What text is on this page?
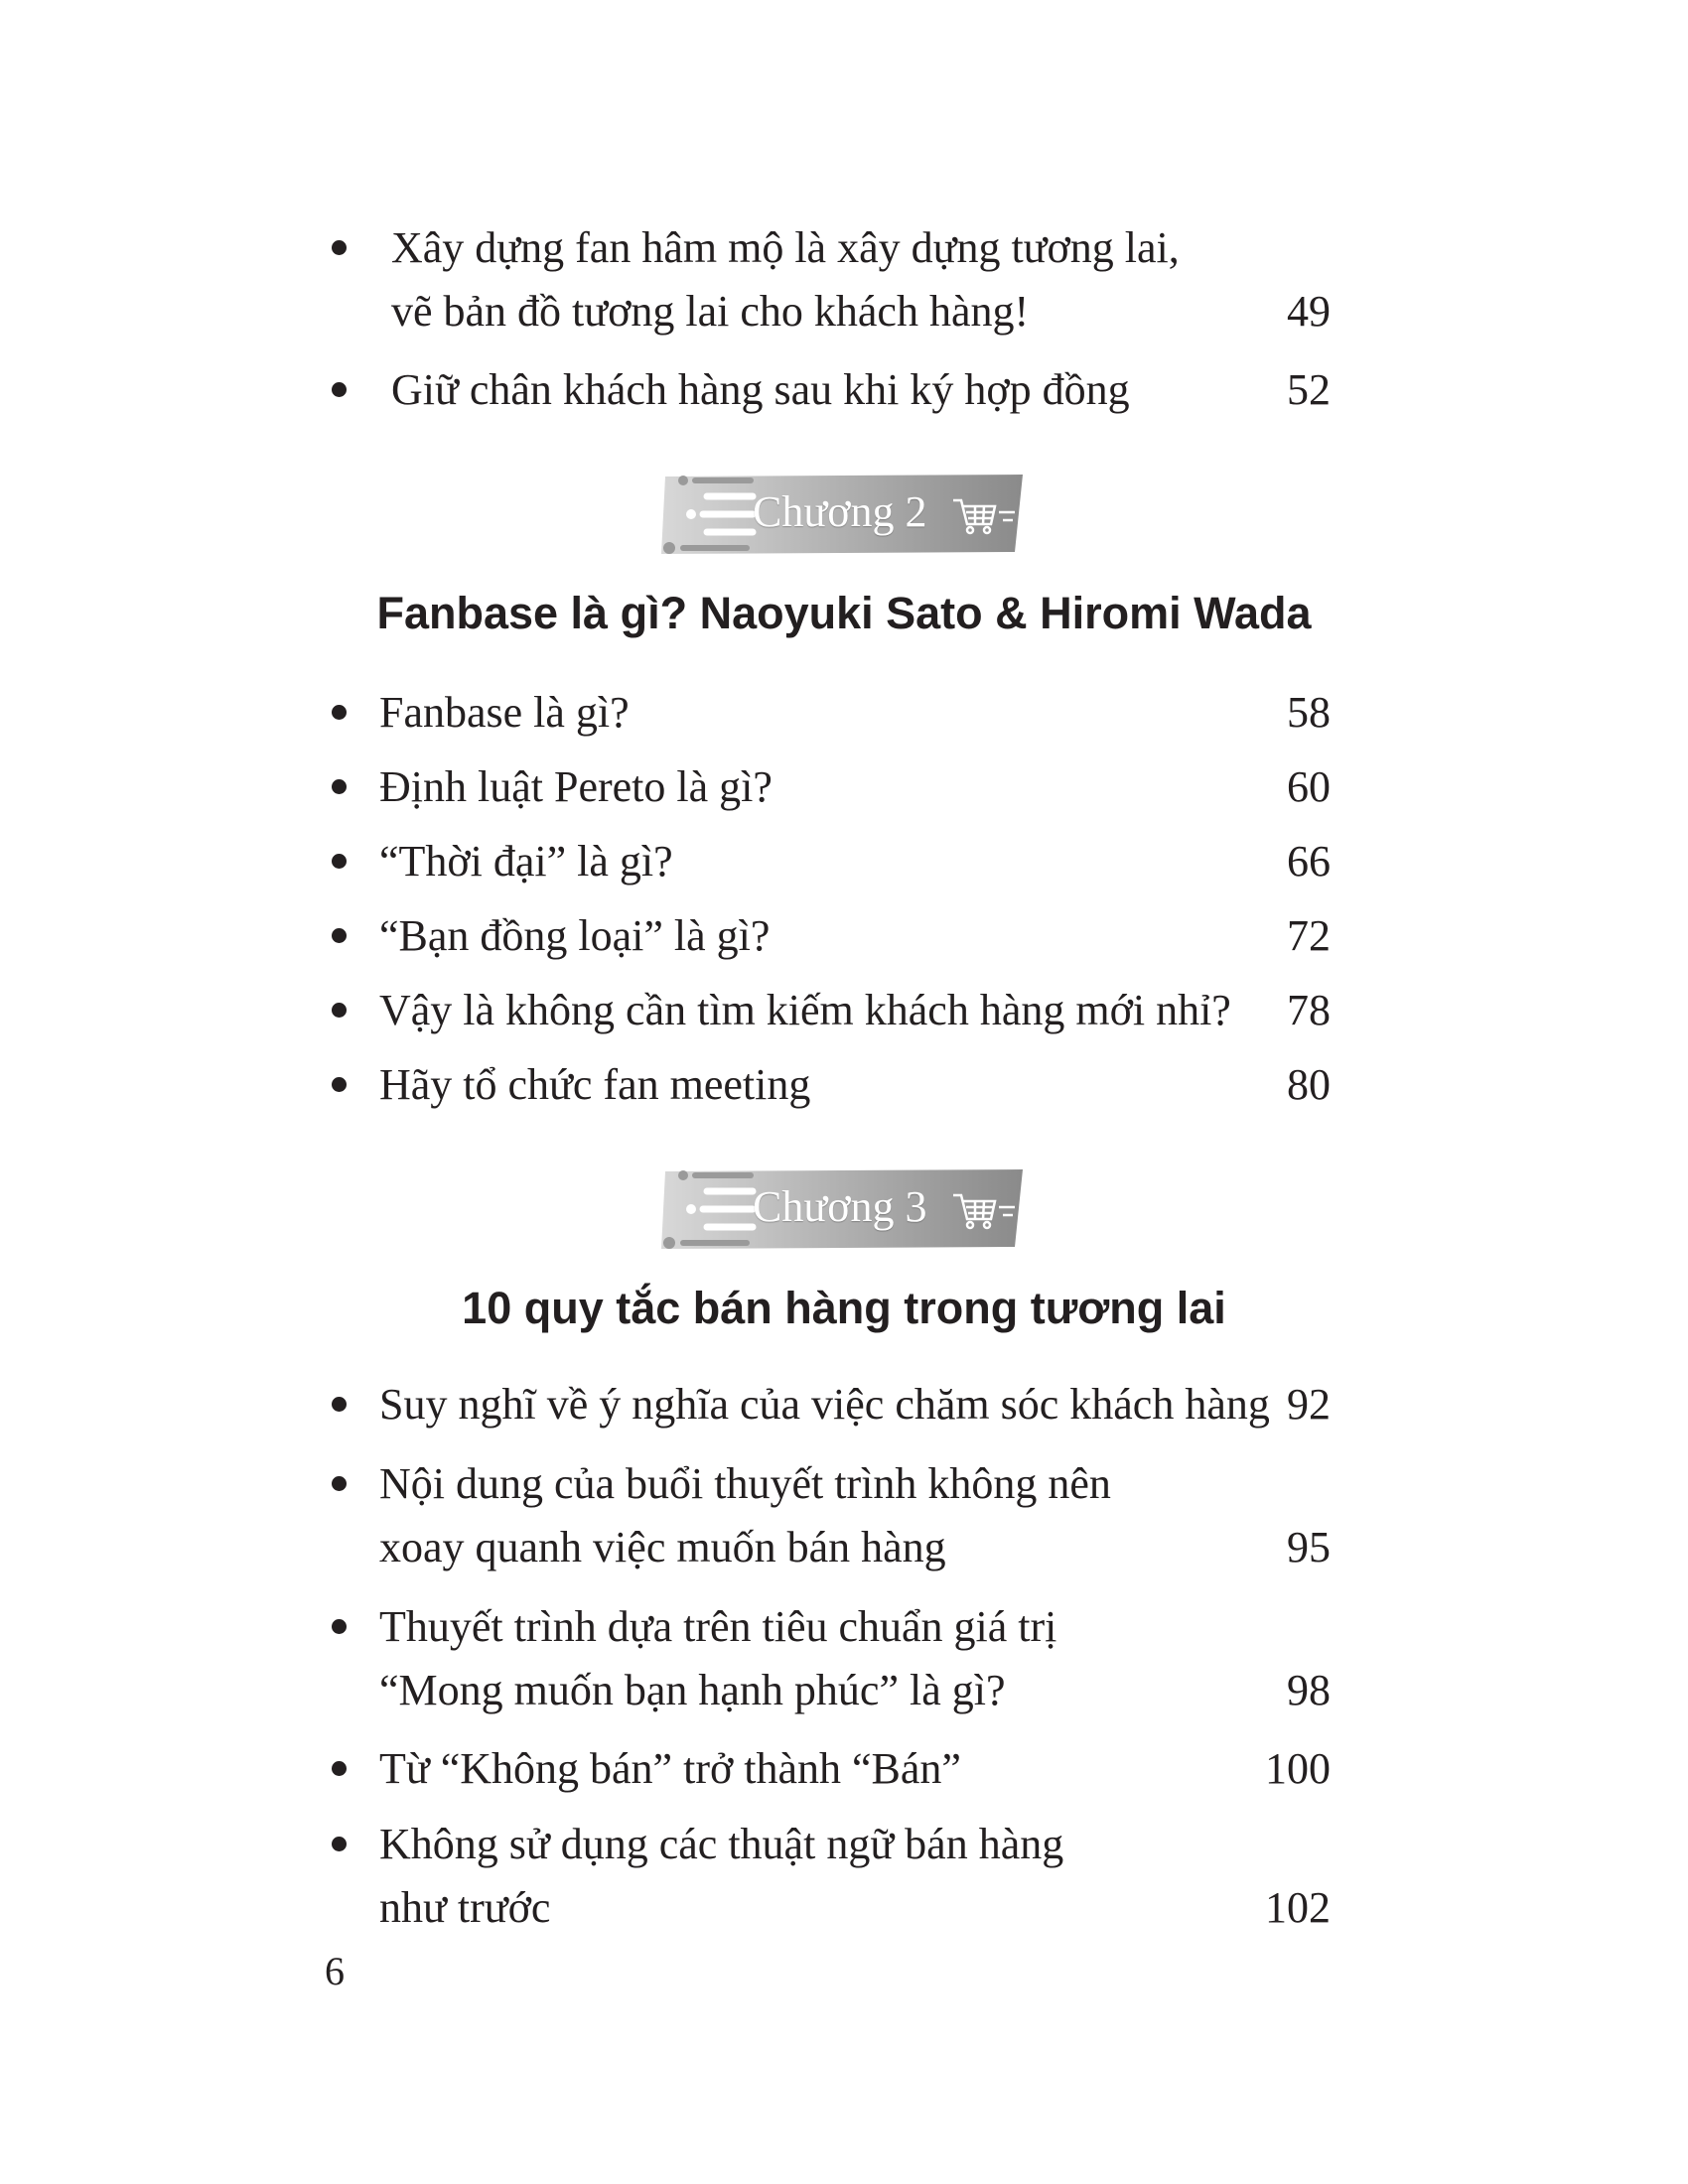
Xây dựng fan hâm mộ là xây dựng tương lai,
vẽ bản đồ tương lai cho khách hàng!	49
Giữ chân khách hàng sau khi ký hợp đồng	52
Chương 2
Fanbase là gì? Naoyuki Sato & Hiromi Wada
Fanbase là gì?	58
Định luật Pereto là gì?	60
“Thời đại” là gì?	66
“Bạn đồng loại” là gì?	72
Vậy là không cần tìm kiếm khách hàng mới nhỉ? 78
Hãy tổ chức fan meeting	80
Chương 3
10 quy tắc bán hàng trong tương lai
Suy nghĩ về ý nghĩa của việc chăm sóc khách hàng 92
Nội dung của buổi thuyết trình không nên
xoay quanh việc muốn bán hàng	95
Thuyết trình dựa trên tiêu chuẩn giá trị
“Mong muốn bạn hạnh phúc” là gì?	98
Từ “Không bán” trở thành “Bán”	100
Không sử dụng các thuật ngữ bán hàng
như trước	102
6
